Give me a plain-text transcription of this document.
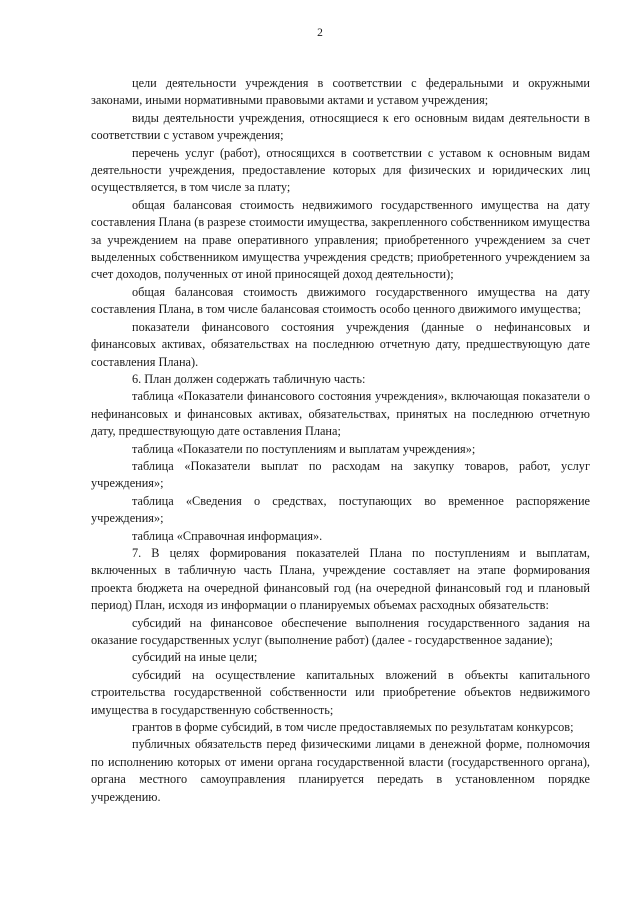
2

цели деятельности учреждения в соответствии с федеральными и окружными законами, иными нормативными правовыми актами и уставом учреждения;

виды деятельности учреждения, относящиеся к его основным видам деятельности в соответствии с уставом учреждения;

перечень услуг (работ), относящихся в соответствии с уставом к основным видам деятельности учреждения, предоставление которых для физических и юридических лиц осуществляется, в том числе за плату;

общая балансовая стоимость недвижимого государственного имущества на дату составления Плана (в разрезе стоимости имущества, закрепленного собственником имущества за учреждением на праве оперативного управления; приобретенного учреждением за счет выделенных собственником имущества учреждения средств; приобретенного учреждением за счет доходов, полученных от иной приносящей доход деятельности);

общая балансовая стоимость движимого государственного имущества на дату составления Плана, в том числе балансовая стоимость особо ценного движимого имущества;

показатели финансового состояния учреждения (данные о нефинансовых и финансовых активах, обязательствах на последнюю отчетную дату, предшествующую дате составления Плана).

6. План должен содержать табличную часть:

таблица «Показатели финансового состояния учреждения», включающая показатели о нефинансовых и финансовых активах, обязательствах, принятых на последнюю отчетную дату, предшествующую дате оставления Плана;

таблица «Показатели по поступлениям и выплатам учреждения»;

таблица «Показатели выплат по расходам на закупку товаров, работ, услуг учреждения»;

таблица «Сведения о средствах, поступающих во временное распоряжение учреждения»;

таблица «Справочная информация».

7. В целях формирования показателей Плана по поступлениям и выплатам, включенных в табличную часть Плана, учреждение составляет на этапе формирования проекта бюджета на очередной финансовый год (на очередной финансовый год и плановый период) План, исходя из информации о планируемых объемах расходных обязательств:

субсидий на финансовое обеспечение выполнения государственного задания на оказание государственных услуг (выполнение работ) (далее - государственное задание);

субсидий на иные цели;

субсидий на осуществление капитальных вложений в объекты капитального строительства государственной собственности или приобретение объектов недвижимого имущества в государственную собственность;

грантов в форме субсидий, в том числе предоставляемых по результатам конкурсов;

публичных обязательств перед физическими лицами в денежной форме, полномочия по исполнению которых от имени органа государственной власти (государственного органа), органа местного самоуправления планируется передать в установленном порядке учреждению.
